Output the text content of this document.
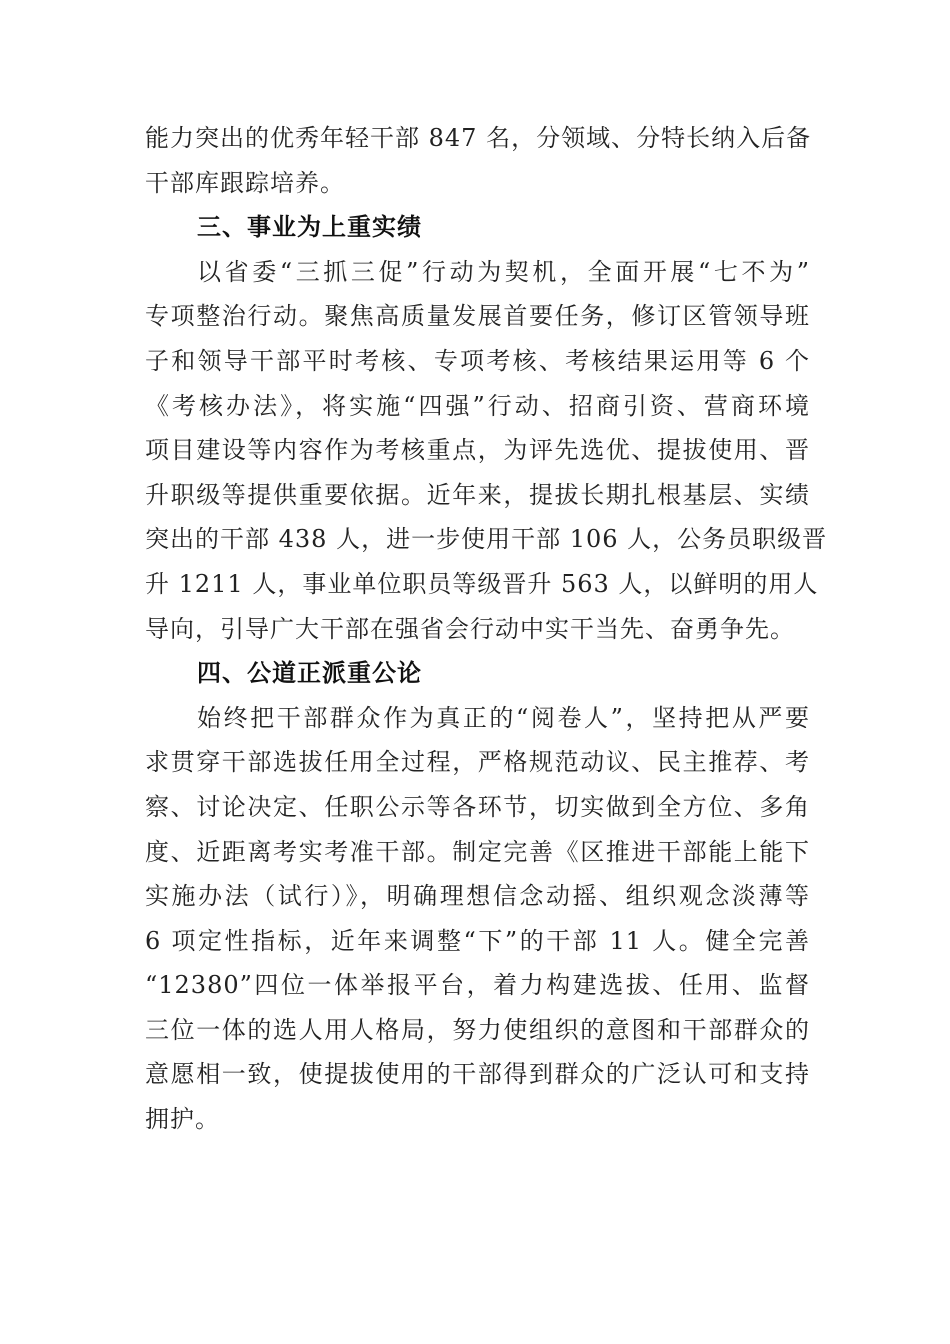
能力突出的优秀年轻干部 847 名，分领域、分特长纳入后备
干部库跟踪培养。
三、事业为上重实绩
以省委“三抓三促”行动为契机，全面开展“七不为”
专项整治行动。聚焦高质量发展首要任务，修订区管领导班
子和领导干部平时考核、专项考核、考核结果运用等 6 个
《考核办法》，将实施“四强”行动、招商引资、营商环境
项目建设等内容作为考核重点，为评先选优、提拔使用、晋
升职级等提供重要依据。近年来，提拔长期扎根基层、实绩
突出的干部 438 人，进一步使用干部 106 人，公务员职级晋
升 1211 人，事业单位职员等级晋升 563 人，以鲜明的用人
导向，引导广大干部在强省会行动中实干当先、奋勇争先。
四、公道正派重公论
始终把干部群众作为真正的“阅卷人”，坚持把从严要
求贯穿干部选拔任用全过程，严格规范动议、民主推荐、考
察、讨论决定、任职公示等各环节，切实做到全方位、多角
度、近距离考实考准干部。制定完善《区推进干部能上能下
实施办法（试行）》，明确理想信念动摇、组织观念淡薄等
6 项定性指标，近年来调整“下”的干部 11 人。健全完善
“12380”四位一体举报平台，着力构建选拔、任用、监督
三位一体的选人用人格局，努力使组织的意图和干部群众的
意愿相一致，使提拔使用的干部得到群众的广泛认可和支持
拥护。
